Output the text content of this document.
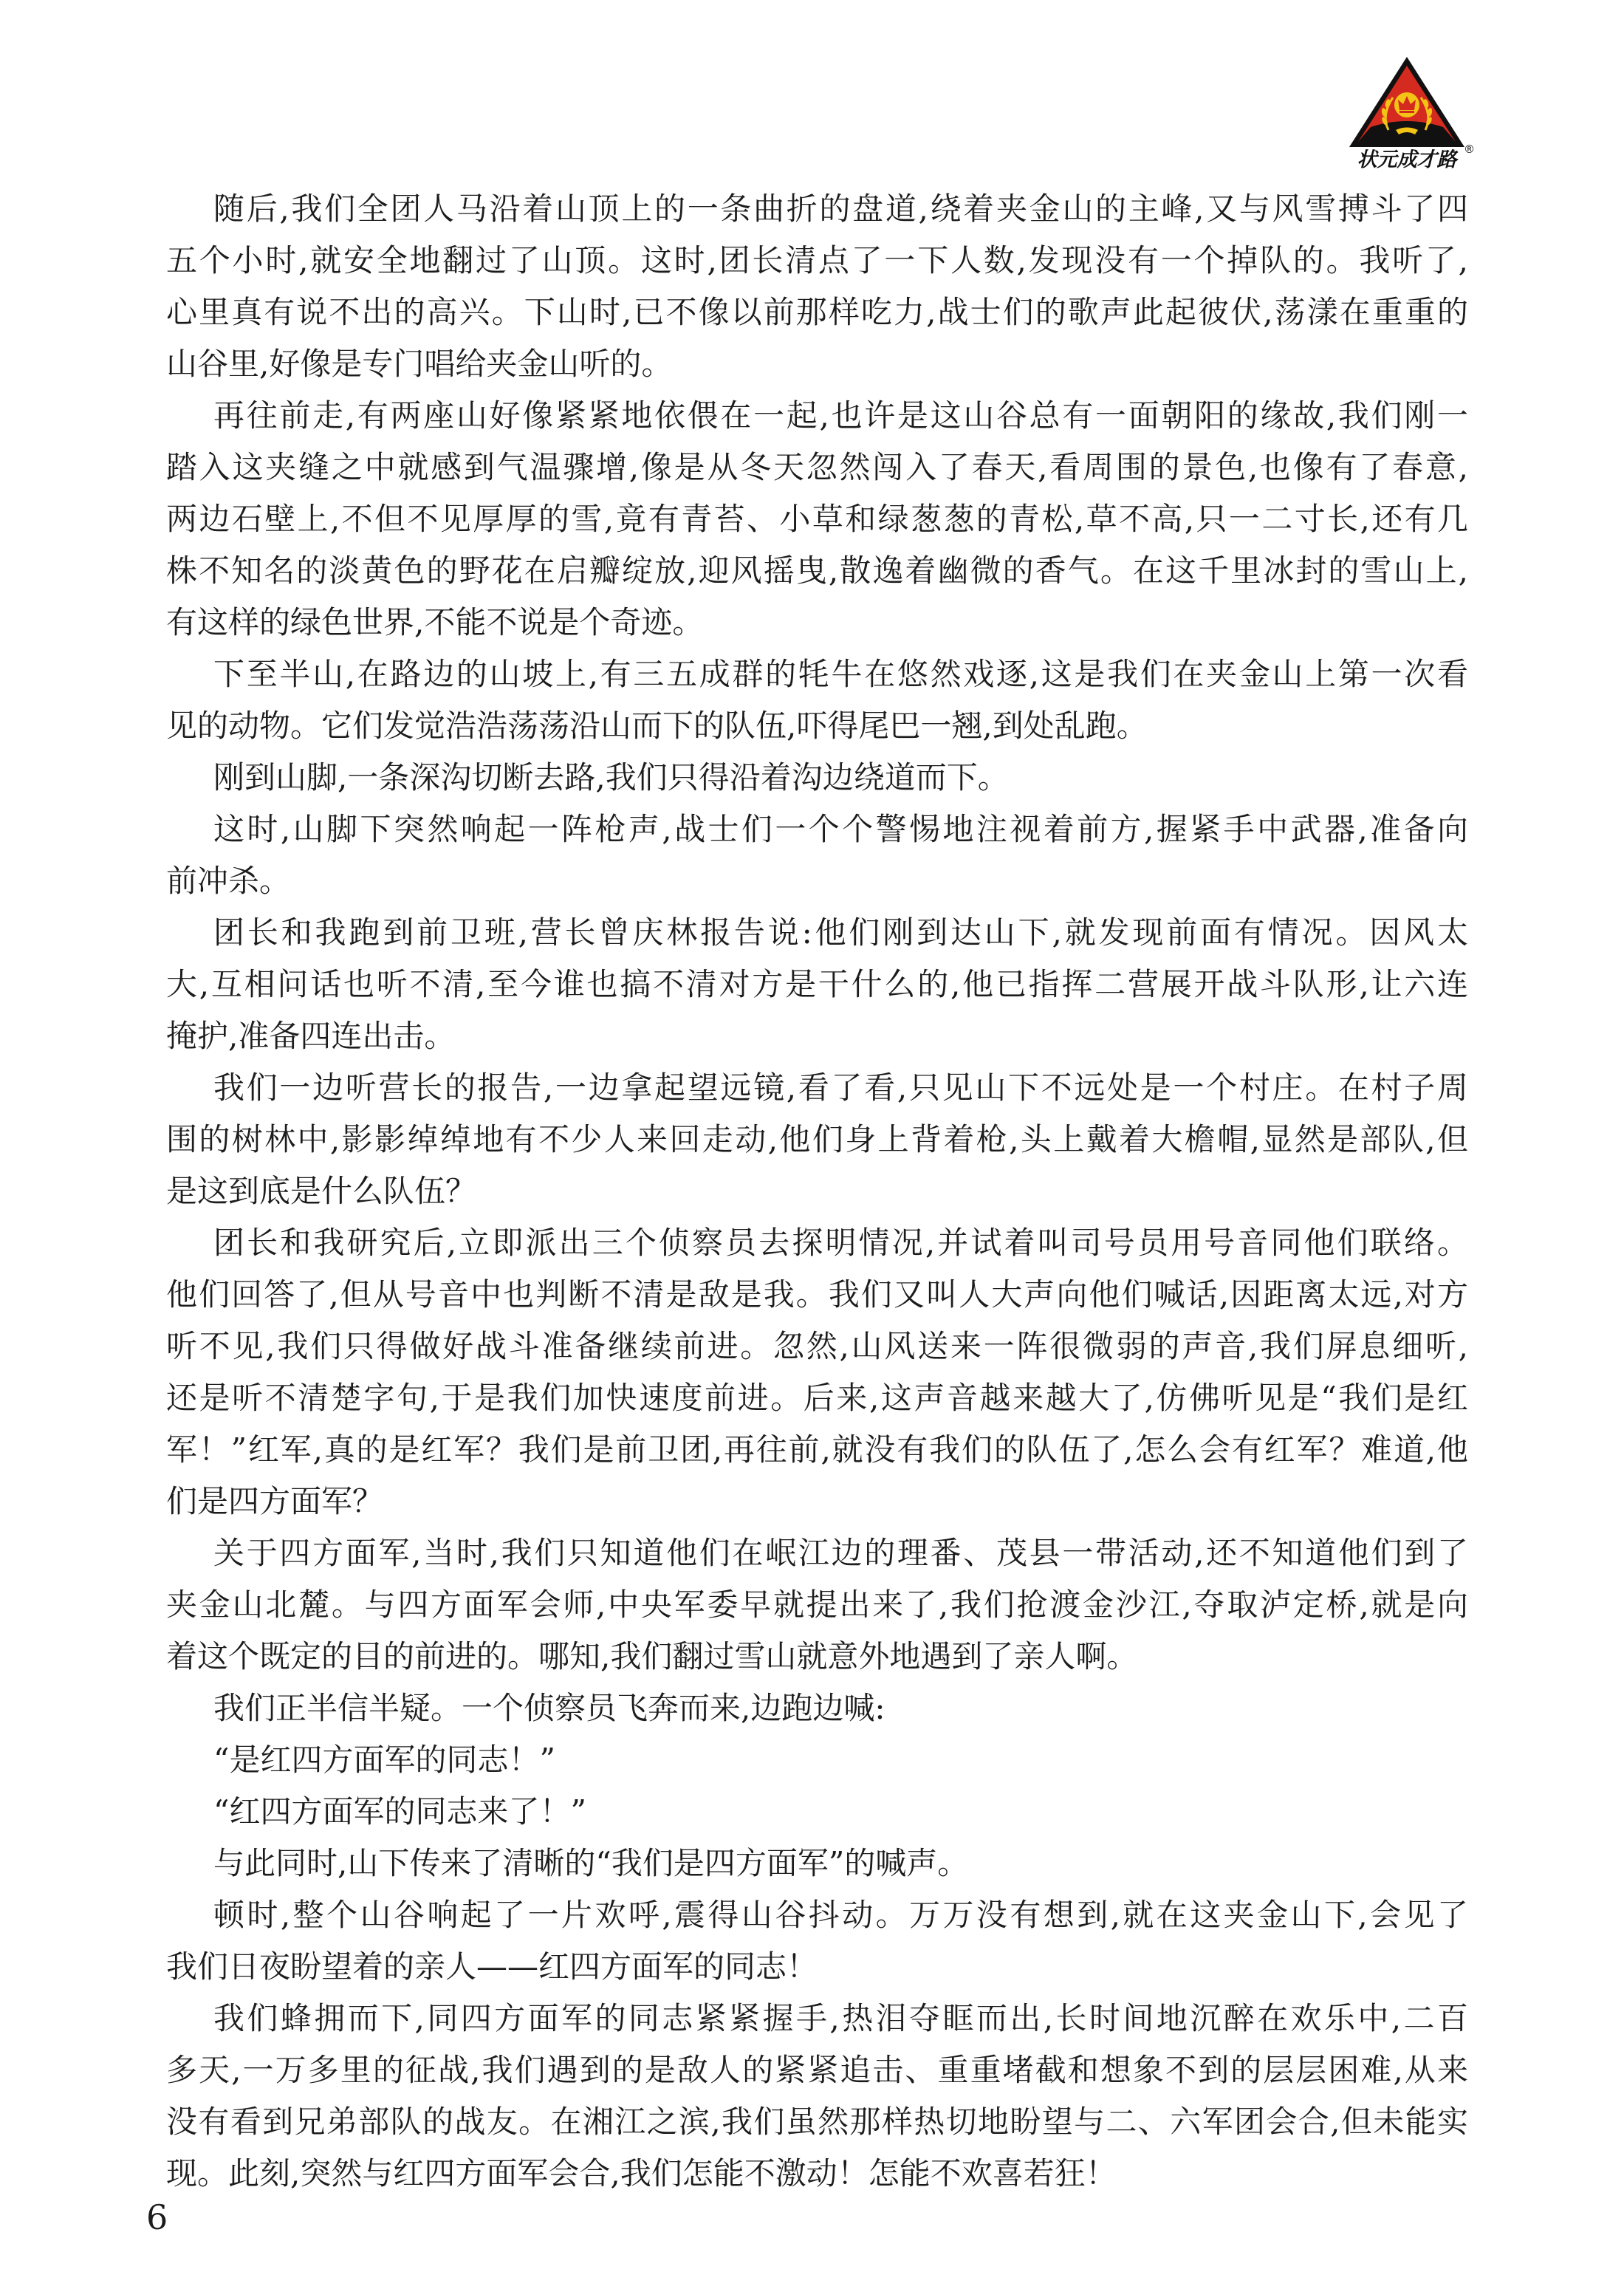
状元成才路 ®
随后,我们全团人马沿着山顶上的一条曲折的盘道,绕着夹金山的主峰,又与风雪搏斗了四
五个小时,就安全地翻过了山顶。这时,团长清点了一下人数,发现没有一个掉队的。我听了,
心里真有说不出的高兴。下山时,已不像以前那样吃力,战士们的歌声此起彼伏,荡漾在重重的
山谷里,好像是专门唱给夹金山听的。
再往前走,有两座山好像紧紧地依偎在一起,也许是这山谷总有一面朝阳的缘故,我们刚一
踏入这夹缝之中就感到气温骤增,像是从冬天忽然闯入了春天,看周围的景色,也像有了春意,
两边石壁上,不但不见厚厚的雪,竟有青苔、小草和绿葱葱的青松,草不高,只一二寸长,还有几
株不知名的淡黄色的野花在启瓣绽放,迎风摇曳,散逸着幽微的香气。在这千里冰封的雪山上,
有这样的绿色世界,不能不说是个奇迹。
下至半山,在路边的山坡上,有三五成群的牦牛在悠然戏逐,这是我们在夹金山上第一次看
见的动物。它们发觉浩浩荡荡沿山而下的队伍,吓得尾巴一翘,到处乱跑。
刚到山脚,一条深沟切断去路,我们只得沿着沟边绕道而下。
这时,山脚下突然响起一阵枪声,战士们一个个警惕地注视着前方,握紧手中武器,准备向
前冲杀。
团长和我跑到前卫班,营长曾庆林报告说:他们刚到达山下,就发现前面有情况。因风太
大,互相问话也听不清,至今谁也搞不清对方是干什么的,他已指挥二营展开战斗队形,让六连
掩护,准备四连出击。
我们一边听营长的报告,一边拿起望远镜,看了看,只见山下不远处是一个村庄。在村子周
围的树林中,影影绰绰地有不少人来回走动,他们身上背着枪,头上戴着大檐帽,显然是部队,但
是这到底是什么队伍？
团长和我研究后,立即派出三个侦察员去探明情况,并试着叫司号员用号音同他们联络。
他们回答了,但从号音中也判断不清是敌是我。我们又叫人大声向他们喊话,因距离太远,对方
听不见,我们只得做好战斗准备继续前进。忽然,山风送来一阵很微弱的声音,我们屏息细听,
还是听不清楚字句,于是我们加快速度前进。后来,这声音越来越大了,仿佛听见是“我们是红
军！”红军,真的是红军？我们是前卫团,再往前,就没有我们的队伍了,怎么会有红军？难道,他
们是四方面军？
关于四方面军,当时,我们只知道他们在岷江边的理番、茂县一带活动,还不知道他们到了
夹金山北麓。与四方面军会师,中央军委早就提出来了,我们抢渡金沙江,夺取泸定桥,就是向
着这个既定的目的前进的。哪知,我们翻过雪山就意外地遇到了亲人啊。
我们正半信半疑。一个侦察员飞奔而来,边跑边喊:
“是红四方面军的同志！”
“红四方面军的同志来了！”
与此同时,山下传来了清晰的“我们是四方面军”的喊声。
顿时,整个山谷响起了一片欢呼,震得山谷抖动。万万没有想到,就在这夹金山下,会见了
我们日夜盼望着的亲人——红四方面军的同志！
我们蜂拥而下,同四方面军的同志紧紧握手,热泪夺眶而出,长时间地沉醉在欢乐中,二百
多天,一万多里的征战,我们遇到的是敌人的紧紧追击、重重堵截和想象不到的层层困难,从来
没有看到兄弟部队的战友。在湘江之滨,我们虽然那样热切地盼望与二、六军团会合,但未能实
现。此刻,突然与红四方面军会合,我们怎能不激动！怎能不欢喜若狂！
6
